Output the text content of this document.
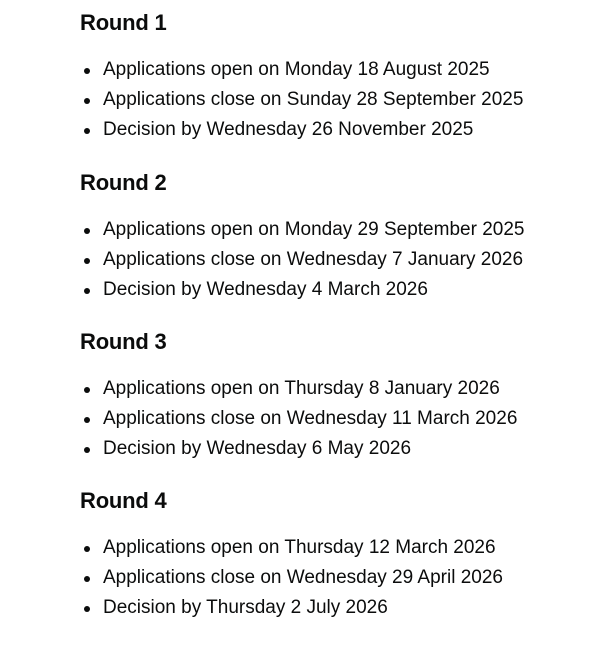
Round 1
Applications open on Monday 18 August 2025
Applications close on Sunday 28 September 2025
Decision by Wednesday 26 November 2025
Round 2
Applications open on Monday 29 September 2025
Applications close on Wednesday 7 January 2026
Decision by Wednesday 4 March 2026
Round 3
Applications open on Thursday 8 January 2026
Applications close on Wednesday 11 March 2026
Decision by Wednesday 6 May 2026
Round 4
Applications open on Thursday 12 March 2026
Applications close on Wednesday 29 April 2026
Decision by Thursday 2 July 2026
